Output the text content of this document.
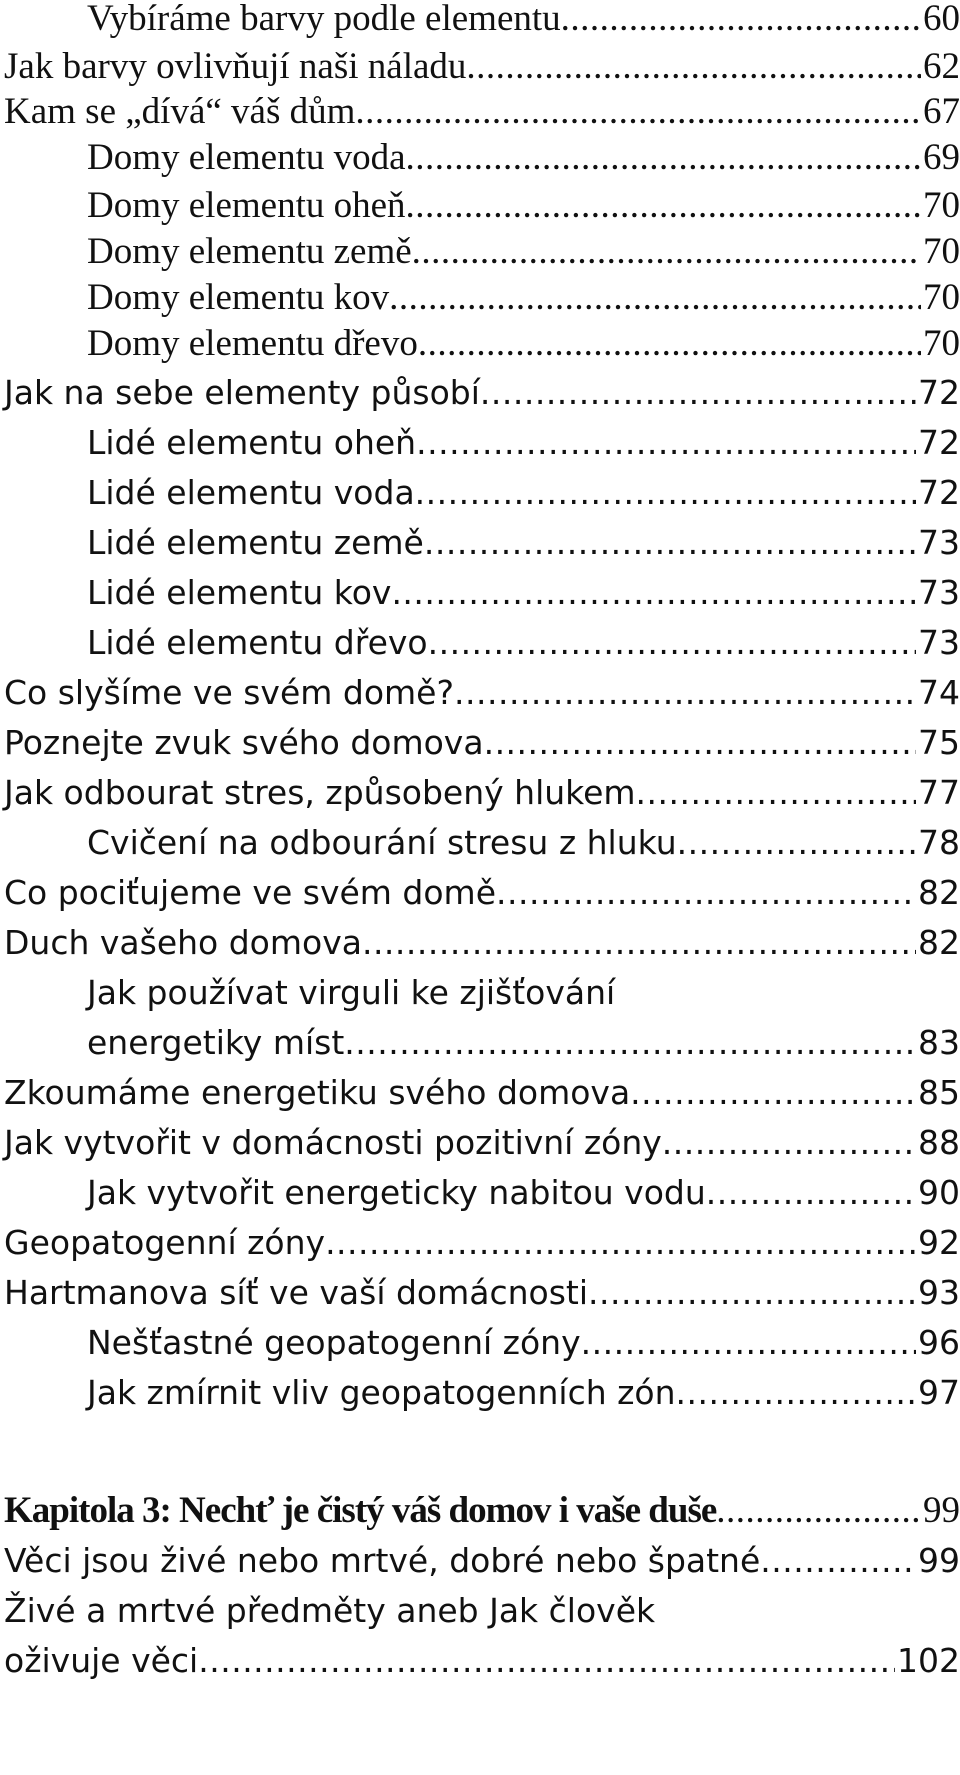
Vybíráme barvy podle elementu .....	60
Jak barvy ovlivňují naši náladu .....	62
Kam se „dívá“ váš dům .....	67
Domy elementu voda .....	69
Domy elementu oheň .....	70
Domy elementu země .....	70
Domy elementu kov .....	70
Domy elementu dřevo .....	70
Jak na sebe elementy působí .....	72
Lidé elementu oheň .....	72
Lidé elementu voda .....	72
Lidé elementu země .....	73
Lidé elementu kov .....	73
Lidé elementu dřevo .....	73
Co slyšíme ve svém domě? .....	74
Poznejte zvuk svého domova .....	75
Jak odbourat stres, způsobený hlukem .....	77
Cvičení na odbourání stresu z hluku .....	78
Co pociťujeme ve svém domě .....	82
Duch vašeho domova .....	82
Jak používat virguli ke zjišťování
energetiky míst .....	83
Zkoumáme energetiku svého domova .....	85
Jak vytvořit v domácnosti pozitivní zóny .....	88
Jak vytvořit energeticky nabitou vodu .....	90
Geopatogenní zóny .....	92
Hartmanova síť ve vaší domácnosti .....	93
Nešťastné geopatogenní zóny .....	96
Jak zmírnit vliv geopatogenních zón .....	97
Kapitola 3: Nechť je čistý váš domov i vaše duše .....	99
Věci jsou živé nebo mrtvé, dobré nebo špatné .....	99
Živé a mrtvé předměty aneb Jak člověk
oživuje věci .....	102
